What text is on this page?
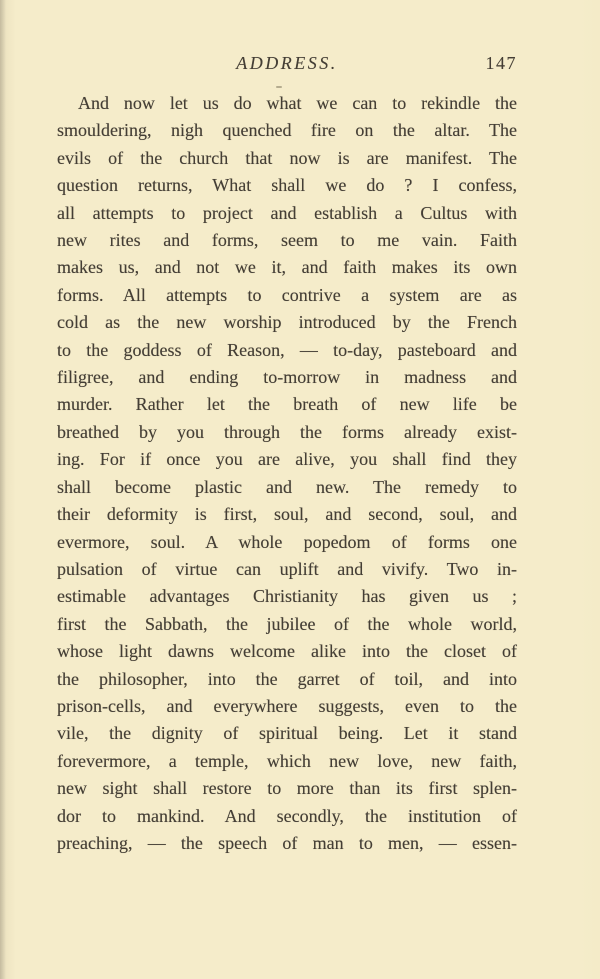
ADDRESS.	147
And now let us do what we can to rekindle the
smouldering, nigh quenched fire on the altar. The
evils of the church that now is are manifest. The
question returns, What shall we do ? I confess,
all attempts to project and establish a Cultus with
new rites and forms, seem to me vain. Faith
makes us, and not we it, and faith makes its own
forms. All attempts to contrive a system are as
cold as the new worship introduced by the French
to the goddess of Reason, — to-day, pasteboard and
filigree, and ending to-morrow in madness and
murder. Rather let the breath of new life be
breathed by you through the forms already exist-
ing. For if once you are alive, you shall find they
shall become plastic and new. The remedy to
their deformity is first, soul, and second, soul, and
evermore, soul. A whole popedom of forms one
pulsation of virtue can uplift and vivify. Two in-
estimable advantages Christianity has given us ;
first the Sabbath, the jubilee of the whole world,
whose light dawns welcome alike into the closet of
the philosopher, into the garret of toil, and into
prison-cells, and everywhere suggests, even to the
vile, the dignity of spiritual being. Let it stand
forevermore, a temple, which new love, new faith,
new sight shall restore to more than its first splen-
dor to mankind. And secondly, the institution of
preaching, — the speech of man to men, — essen-
